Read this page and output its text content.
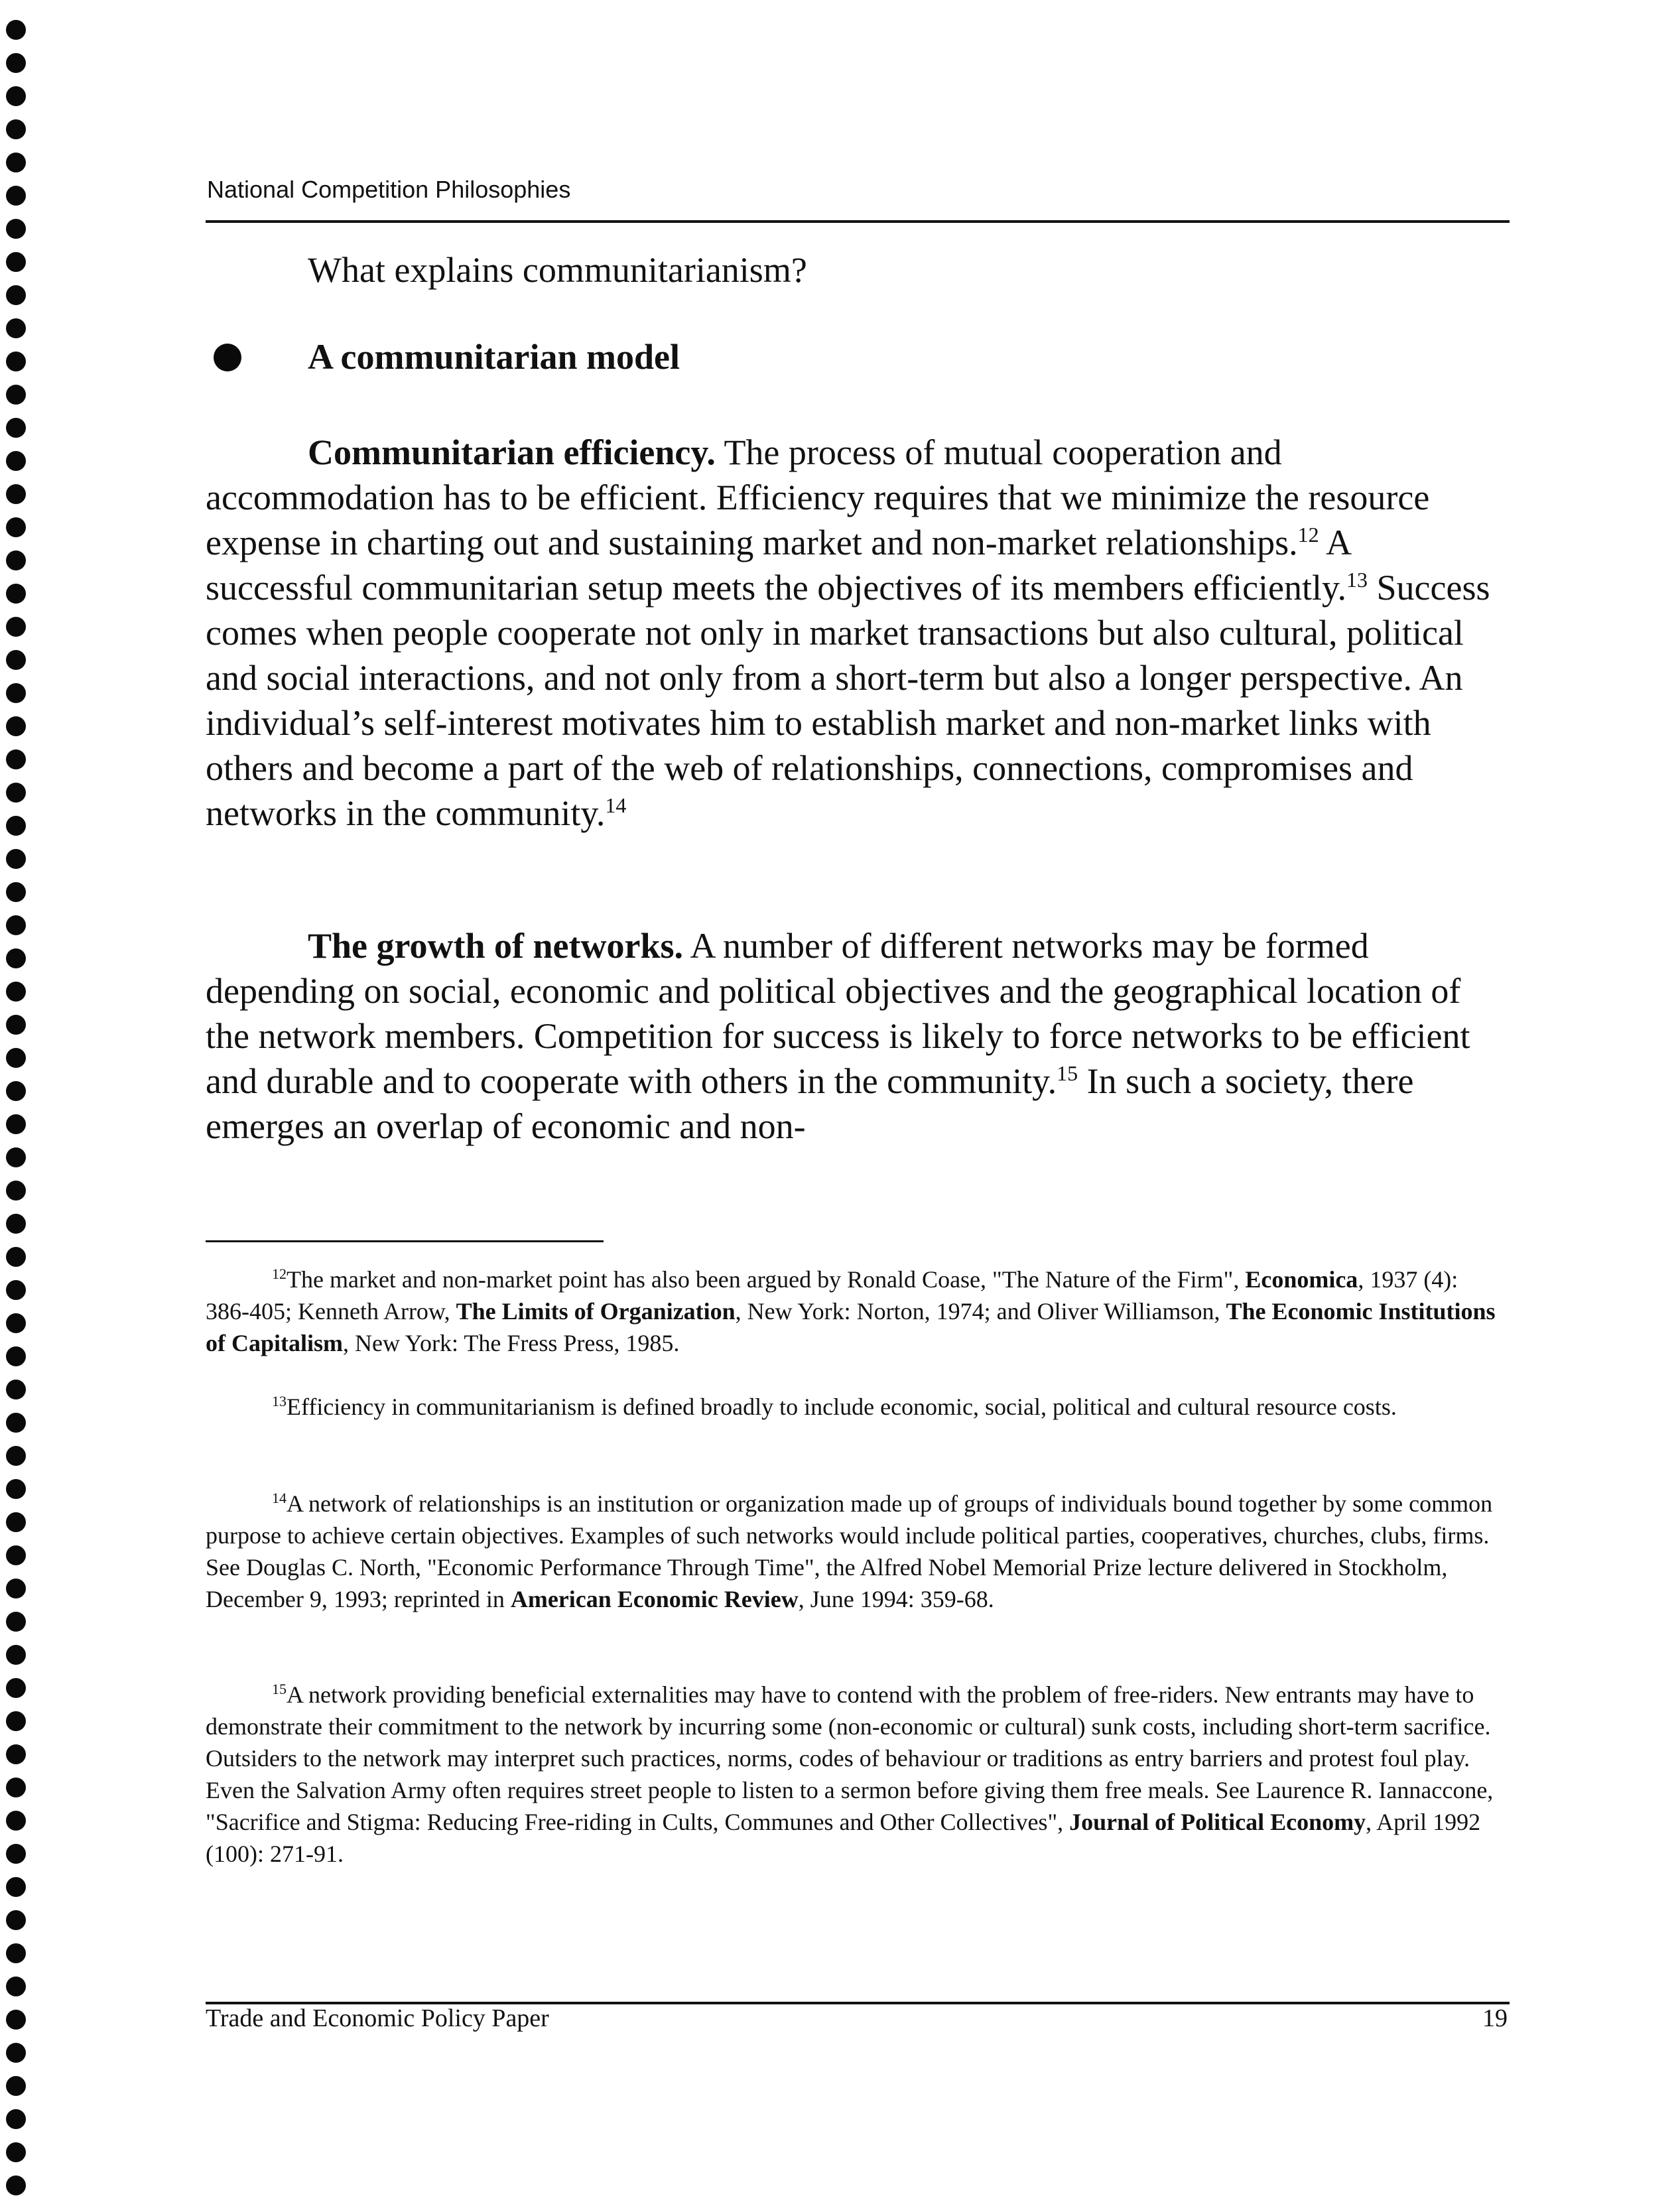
National Competition Philosophies
What explains communitarianism?
A communitarian model

Communitarian efficiency. The process of mutual cooperation and accommodation has to be efficient. Efficiency requires that we minimize the resource expense in charting out and sustaining market and non-market relationships.$^{12}$ A successful communitarian setup meets the objectives of its members efficiently.$^{13}$ Success comes when people cooperate not only in market transactions but also cultural, political and social interactions, and not only from a short-term but also a longer perspective. An individual’s self-interest motivates him to establish market and non-market links with others and become a part of the web of relationships, connections, compromises and networks in the community.$^{14}$

The growth of networks. A number of different networks may be formed depending on social, economic and political objectives and the geographical location of the network members. Competition for success is likely to force networks to be efficient and durable and to cooperate with others in the community.$^{15}$ In such a society, there emerges an overlap of economic and non-

$^{12}$The market and non-market point has also been argued by Ronald Coase, "The Nature of the Firm", Economica, 1937 (4): 386-405; Kenneth Arrow, The Limits of Organization, New York: Norton, 1974; and Oliver Williamson, The Economic Institutions of Capitalism, New York: The Fress Press, 1985.

$^{13}$Efficiency in communitarianism is defined broadly to include economic, social, political and cultural resource costs.

$^{14}$A network of relationships is an institution or organization made up of groups of individuals bound together by some common purpose to achieve certain objectives. Examples of such networks would include political parties, cooperatives, churches, clubs, firms. See Douglas C. North, "Economic Performance Through Time", the Alfred Nobel Memorial Prize lecture delivered in Stockholm, December 9, 1993; reprinted in American Economic Review, June 1994: 359-68.

$^{15}$A network providing beneficial externalities may have to contend with the problem of free-riders. New entrants may have to demonstrate their commitment to the network by incurring some (non-economic or cultural) sunk costs, including short-term sacrifice. Outsiders to the network may interpret such practices, norms, codes of behaviour or traditions as entry barriers and protest foul play. Even the Salvation Army often requires street people to listen to a sermon before giving them free meals. See Laurence R. Iannaccone, "Sacrifice and Stigma: Reducing Free-riding in Cults, Communes and Other Collectives", Journal of Political Economy, April 1992 (100): 271-91.

Trade and Economic Policy Paper	19
